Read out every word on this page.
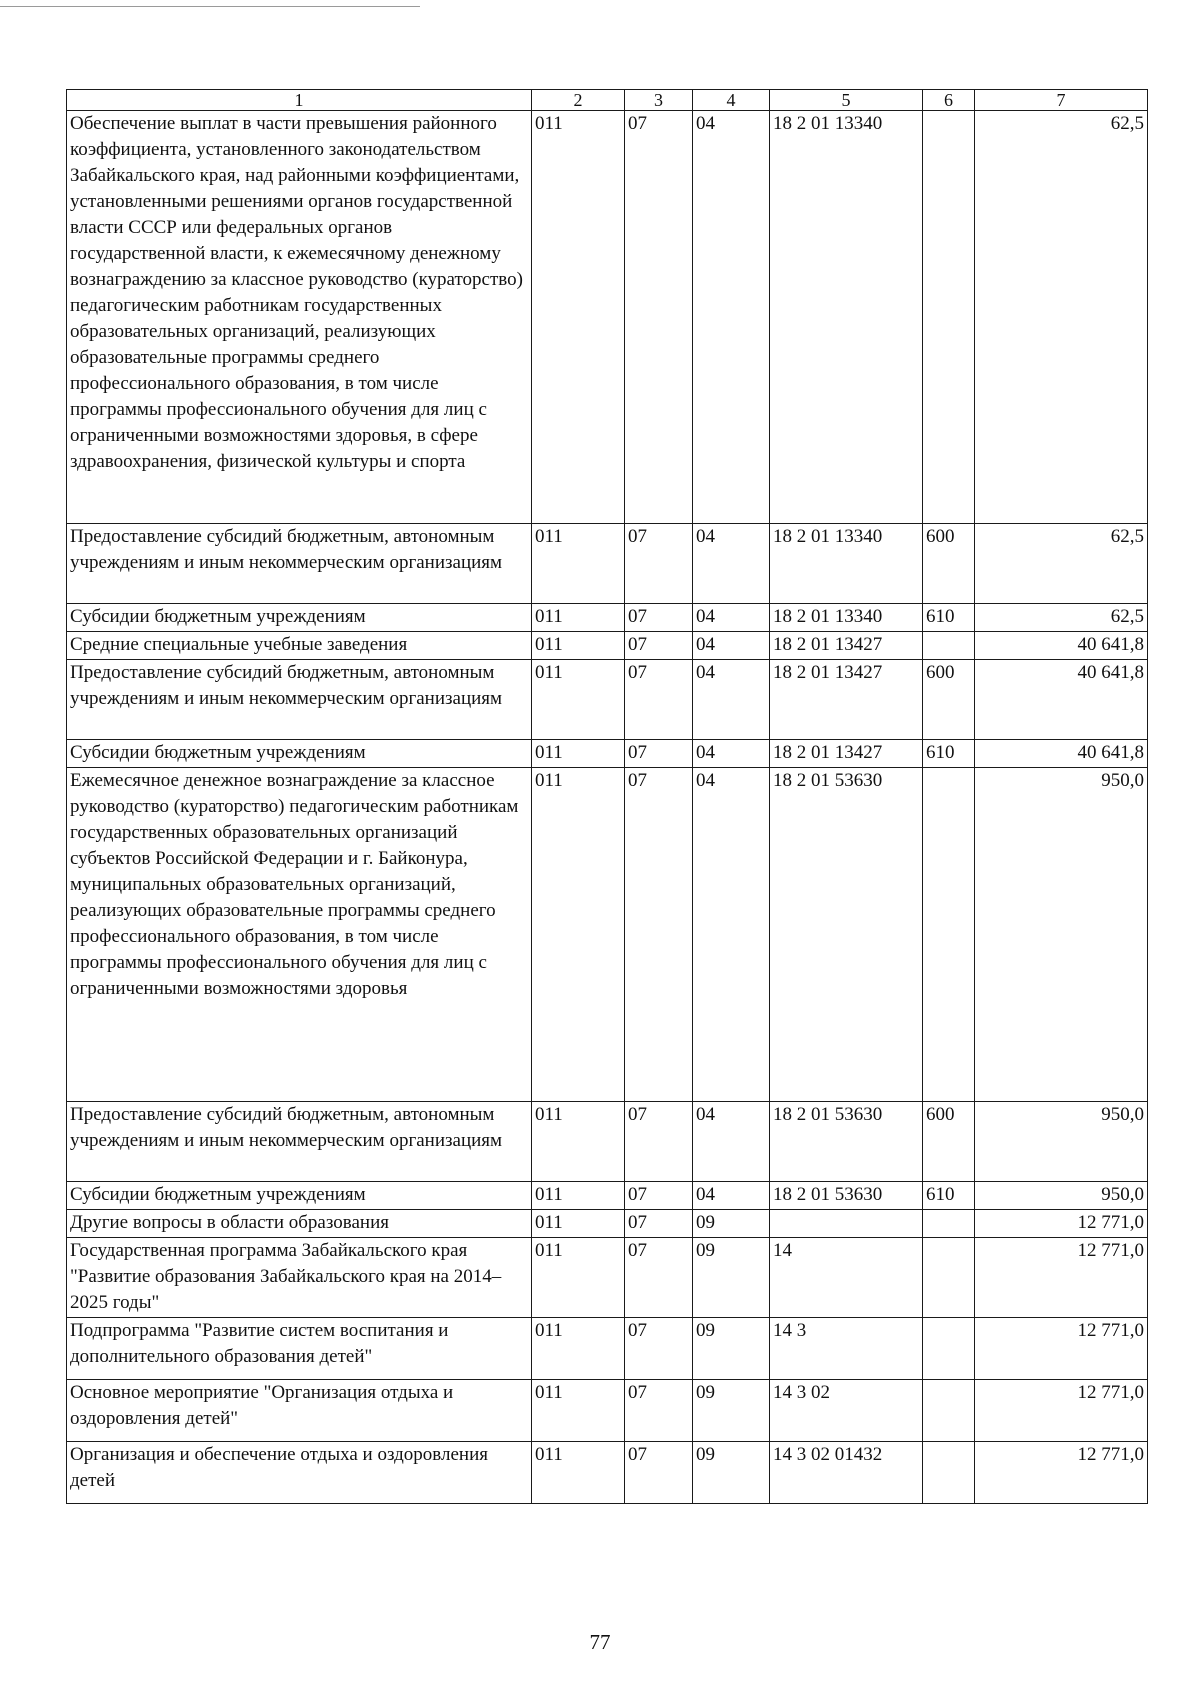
1	2	3	4	5	6	7
Обеспечение выплат в части превышения районного коэффициента, установленного законодательством Забайкальского края, над районными коэффициентами, установленными решениями органов государственной власти СССР или федеральных органов государственной власти, к ежемесячному денежному вознаграждению за классное руководство (кураторство) педагогическим работникам государственных образовательных организаций, реализующих образовательные программы среднего профессионального образования, в том числе программы профессионального обучения для лиц с ограниченными возможностями здоровья, в сфере здравоохранения, физической культуры и спорта	011	07	04	18 2 01 13340		62,5
Предоставление субсидий бюджетным, автономным учреждениям и иным некоммерческим организациям	011	07	04	18 2 01 13340	600	62,5
Субсидии бюджетным учреждениям	011	07	04	18 2 01 13340	610	62,5
Средние специальные учебные заведения	011	07	04	18 2 01 13427		40 641,8
Предоставление субсидий бюджетным, автономным учреждениям и иным некоммерческим организациям	011	07	04	18 2 01 13427	600	40 641,8
Субсидии бюджетным учреждениям	011	07	04	18 2 01 13427	610	40 641,8
Ежемесячное денежное вознаграждение за классное руководство (кураторство) педагогическим работникам государственных образовательных организаций субъектов Российской Федерации и г. Байконура, муниципальных образовательных организаций, реализующих образовательные программы среднего профессионального образования, в том числе программы профессионального обучения для лиц с ограниченными возможностями здоровья	011	07	04	18 2 01 53630		950,0
Предоставление субсидий бюджетным, автономным учреждениям и иным некоммерческим организациям	011	07	04	18 2 01 53630	600	950,0
Субсидии бюджетным учреждениям	011	07	04	18 2 01 53630	610	950,0
Другие вопросы в области образования	011	07	09			12 771,0
Государственная программа Забайкальского края "Развитие образования Забайкальского края на 2014–2025 годы"	011	07	09	14		12 771,0
Подпрограмма "Развитие систем воспитания и дополнительного образования детей"	011	07	09	14 3		12 771,0
Основное мероприятие "Организация отдыха и оздоровления детей"	011	07	09	14 3 02		12 771,0
Организация и обеспечение отдыха и оздоровления детей	011	07	09	14 3 02 01432		12 771,0
77
